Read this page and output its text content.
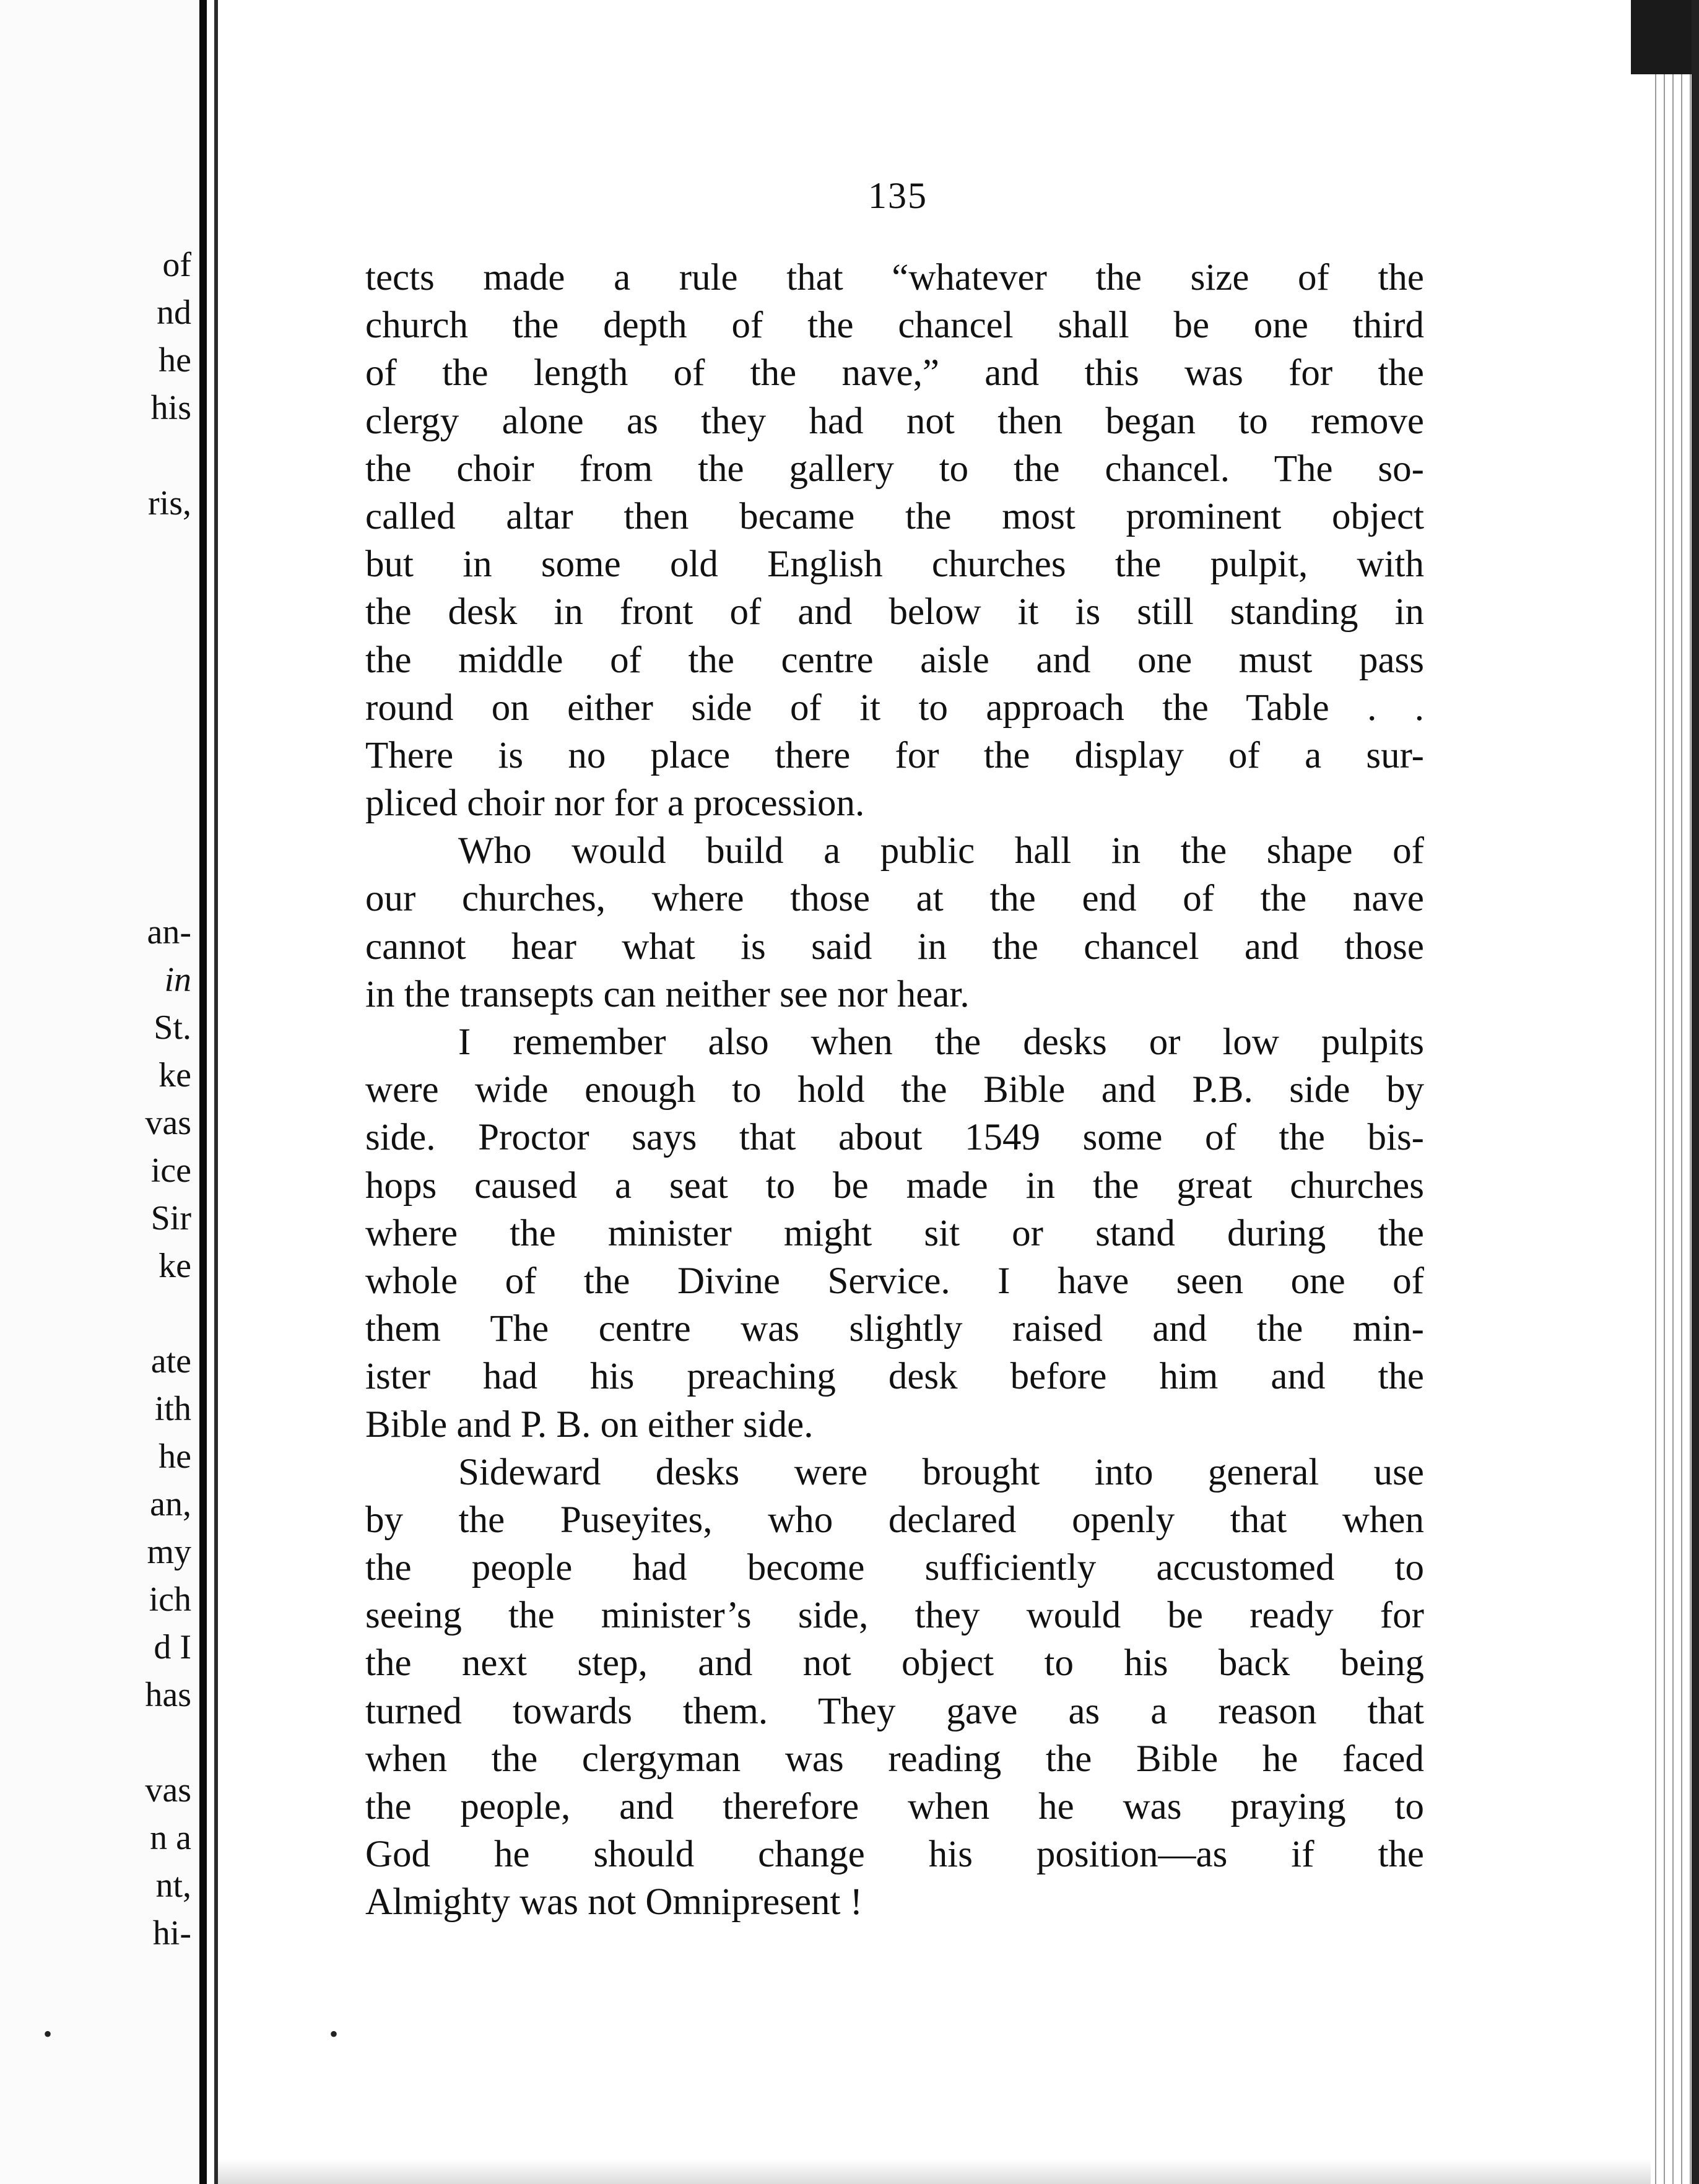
of
nd
he
his
ris,
an-
in
St.
ke
vas
ice
Sir
ke
ate
ith
he
an,
my
ich
d I
has
vas
n a
nt,
hi-
135
tects made a rule that “whatever the size of the
church the depth of the chancel shall be one third
of the length of the nave,” and this was for the
clergy alone as they had not then began to remove
the choir from the gallery to the chancel. The so-
called altar then became the most prominent object
but in some old English churches the pulpit, with
the desk in front of and below it is still standing in
the middle of the centre aisle and one must pass
round on either side of it to approach the Table . .
There is no place there for the display of a sur-
pliced choir nor for a procession.
Who would build a public hall in the shape of
our churches, where those at the end of the nave
cannot hear what is said in the chancel and those
in the transepts can neither see nor hear.
I remember also when the desks or low pulpits
were wide enough to hold the Bible and P.B. side by
side. Proctor says that about 1549 some of the bis-
hops caused a seat to be made in the great churches
where the minister might sit or stand during the
whole of the Divine Service. I have seen one of
them The centre was slightly raised and the min-
ister had his preaching desk before him and the
Bible and P. B. on either side.
Sideward desks were brought into general use
by the Puseyites, who declared openly that when
the people had become sufficiently accustomed to
seeing the minister’s side, they would be ready for
the next step, and not object to his back being
turned towards them. They gave as a reason that
when the clergyman was reading the Bible he faced
the people, and therefore when he was praying to
God he should change his position—as if the
Almighty was not Omnipresent !
•	•
